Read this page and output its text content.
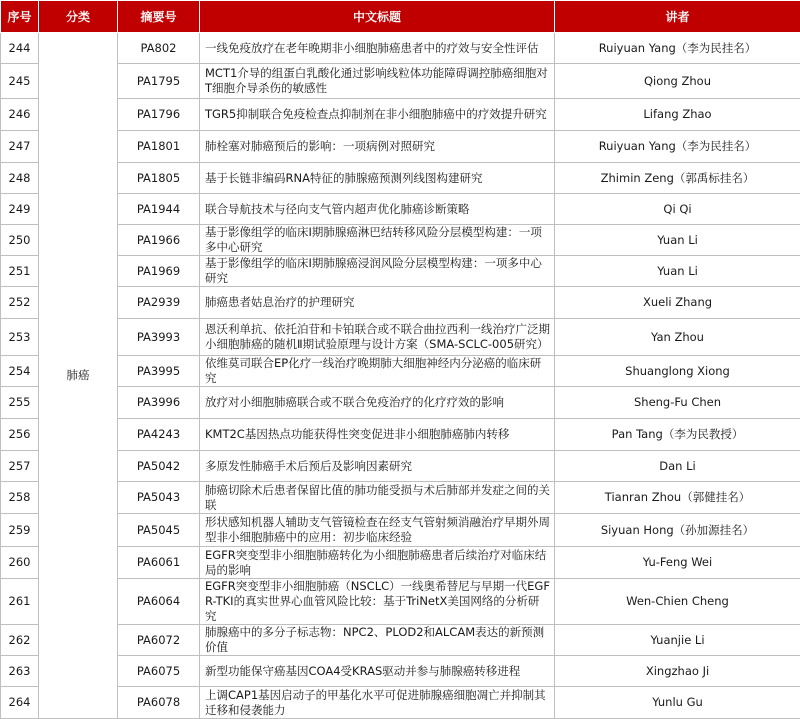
序号	分类	摘要号	中文标题	讲者
244	肺癌	PA802	一线免疫放疗在老年晚期非小细胞肺癌患者中的疗效与安全性评估	Ruiyuan Yang（李为民挂名）
245		PA1795	MCT1介导的组蛋白乳酸化通过影响线粒体功能障碍调控肺癌细胞对T细胞介导杀伤的敏感性	Qiong Zhou
246		PA1796	TGR5抑制联合免疫检查点抑制剂在非小细胞肺癌中的疗效提升研究	Lifang Zhao
247		PA1801	肺栓塞对肺癌预后的影响：一项病例对照研究	Ruiyuan Yang（李为民挂名）
248		PA1805	基于长链非编码RNA特征的肺腺癌预测列线图构建研究	Zhimin Zeng（郭禹标挂名）
249		PA1944	联合导航技术与径向支气管内超声优化肺癌诊断策略	Qi Qi
250		PA1966	基于影像组学的临床Ⅰ期肺腺癌淋巴结转移风险分层模型构建：一项多中心研究	Yuan Li
251		PA1969	基于影像组学的临床Ⅰ期肺腺癌浸润风险分层模型构建：一项多中心研究	Yuan Li
252		PA2939	肺癌患者姑息治疗的护理研究	Xueli Zhang
253		PA3993	恩沃利单抗、依托泊苷和卡铂联合或不联合曲拉西利一线治疗广泛期小细胞肺癌的随机Ⅱ期试验原理与设计方案（SMA-SCLC-005研究）	Yan Zhou
254		PA3995	依维莫司联合EP化疗一线治疗晚期肺大细胞神经内分泌癌的临床研究	Shuanglong Xiong
255		PA3996	放疗对小细胞肺癌联合或不联合免疫治疗的化疗疗效的影响	Sheng-Fu Chen
256		PA4243	KMT2C基因热点功能获得性突变促进非小细胞肺癌肺内转移	Pan Tang（李为民教授）
257		PA5042	多原发性肺癌手术后预后及影响因素研究	Dan Li
258		PA5043	肺癌切除术后患者保留比值的肺功能受损与术后肺部并发症之间的关联	Tianran Zhou（郭健挂名）
259		PA5045	形状感知机器人辅助支气管镜检查在经支气管射频消融治疗早期外周型非小细胞肺癌中的应用：初步临床经验	Siyuan Hong（孙加源挂名）
260		PA6061	EGFR突变型非小细胞肺癌转化为小细胞肺癌患者后续治疗对临床结局的影响	Yu-Feng Wei
261		PA6064	EGFR突变型非小细胞肺癌（NSCLC）一线奥希替尼与早期一代EGFR-TKI的真实世界心血管风险比较：基于TriNetX美国网络的分析研究	Wen-Chien Cheng
262		PA6072	肺腺癌中的多分子标志物：NPC2、PLOD2和ALCAM表达的新预测价值	Yuanjie Li
263		PA6075	新型功能保守癌基因COA4受KRAS驱动并参与肺腺癌转移进程	Xingzhao Ji
264		PA6078	上调CAP1基因启动子的甲基化水平可促进肺腺癌细胞凋亡并抑制其迁移和侵袭能力	Yunlu Gu
